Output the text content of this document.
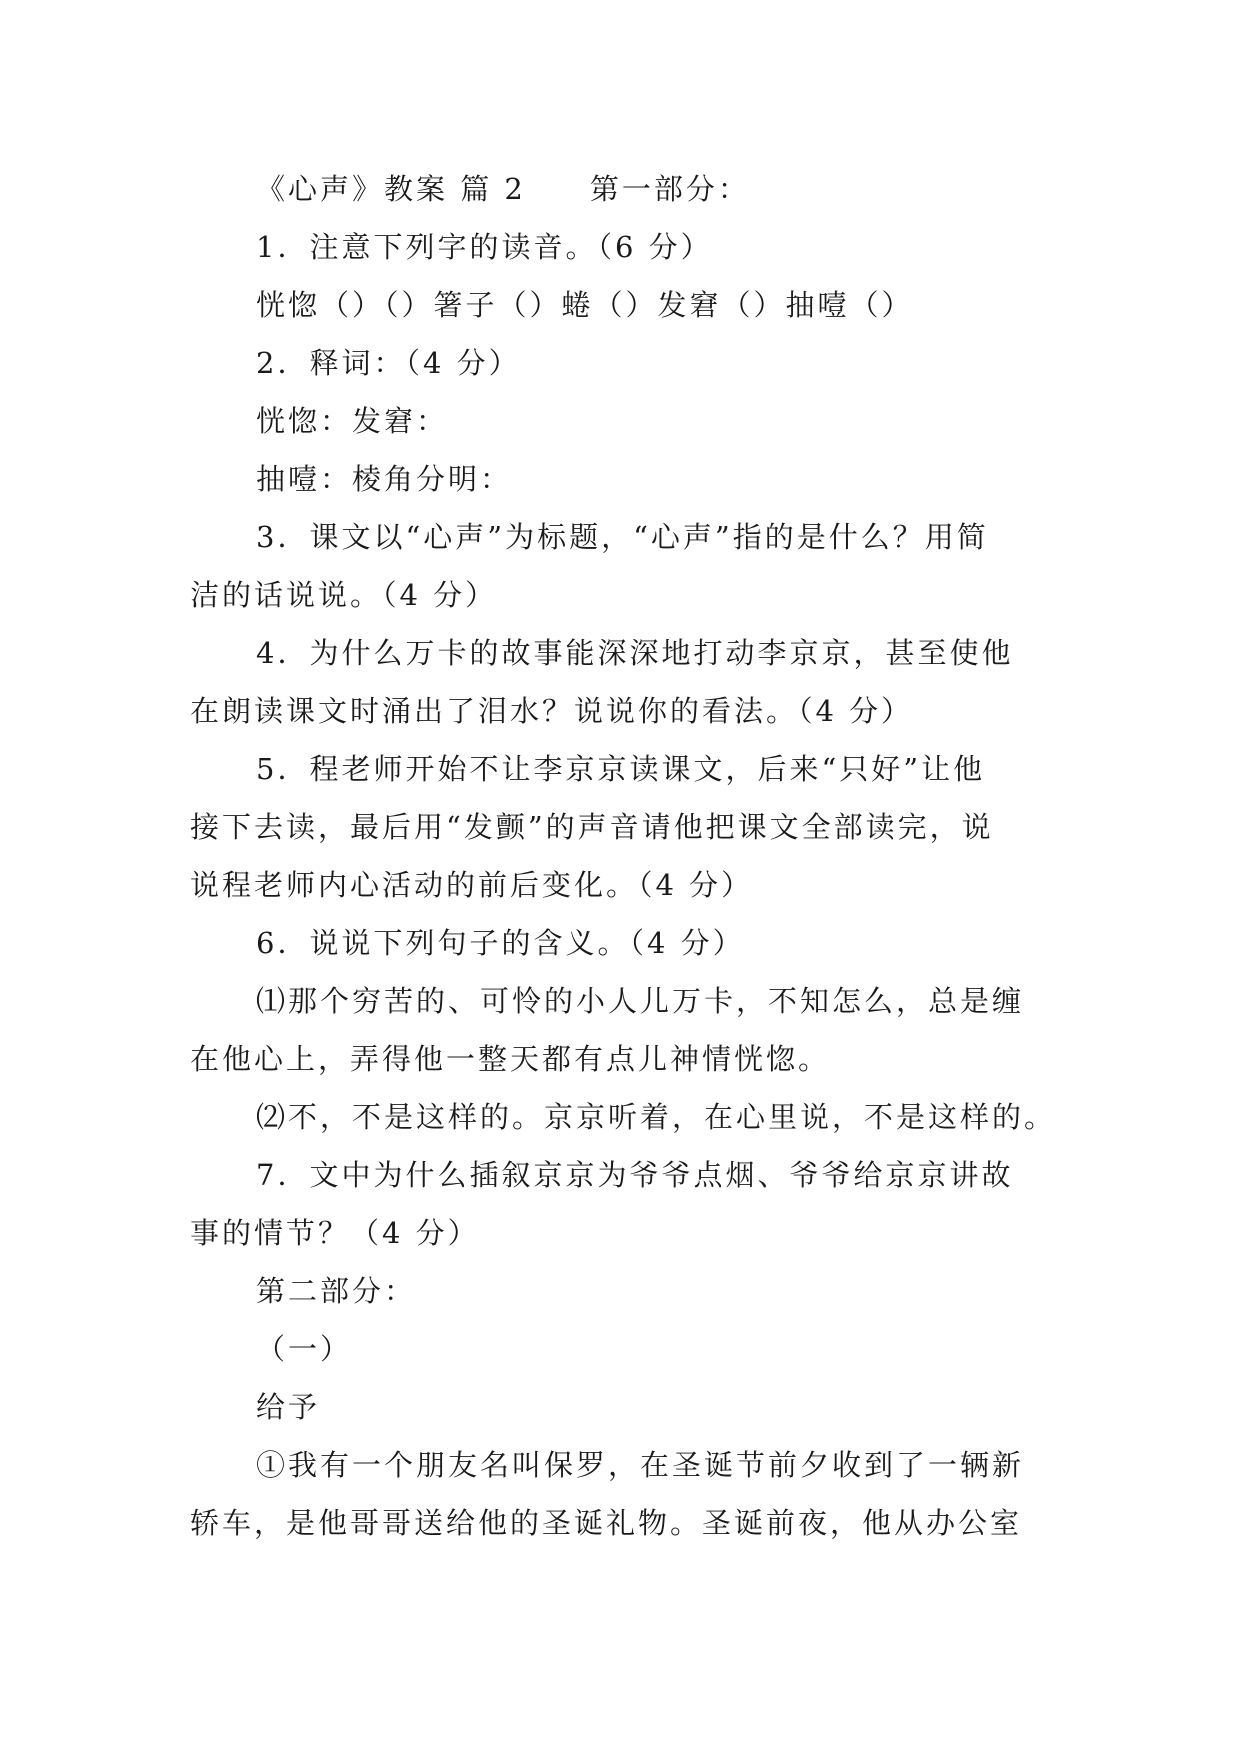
《心声》教案 篇 2　　第一部分：

1．注意下列字的读音。（6 分）

恍惚（）（）箸子（）蜷（）发窘（）抽噎（）

2．释词：（4 分）

恍惚：发窘：

抽噎：棱角分明：

3．课文以“心声”为标题，“心声”指的是什么？用简

洁的话说说。（4 分）

4．为什么万卡的故事能深深地打动李京京，甚至使他

在朗读课文时涌出了泪水？说说你的看法。（4 分）

5．程老师开始不让李京京读课文，后来“只好”让他

接下去读，最后用“发颤”的声音请他把课文全部读完，说

说程老师内心活动的前后变化。（4 分）

6．说说下列句子的含义。（4 分）

⑴那个穷苦的、可怜的小人儿万卡，不知怎么，总是缠

在他心上，弄得他一整天都有点儿神情恍惚。

⑵不，不是这样的。京京听着，在心里说，不是这样的。

7．文中为什么插叙京京为爷爷点烟、爷爷给京京讲故

事的情节？（4 分）

第二部分：

（一）

给予

①我有一个朋友名叫保罗，在圣诞节前夕收到了一辆新

轿车，是他哥哥送给他的圣诞礼物。圣诞前夜，他从办公室
